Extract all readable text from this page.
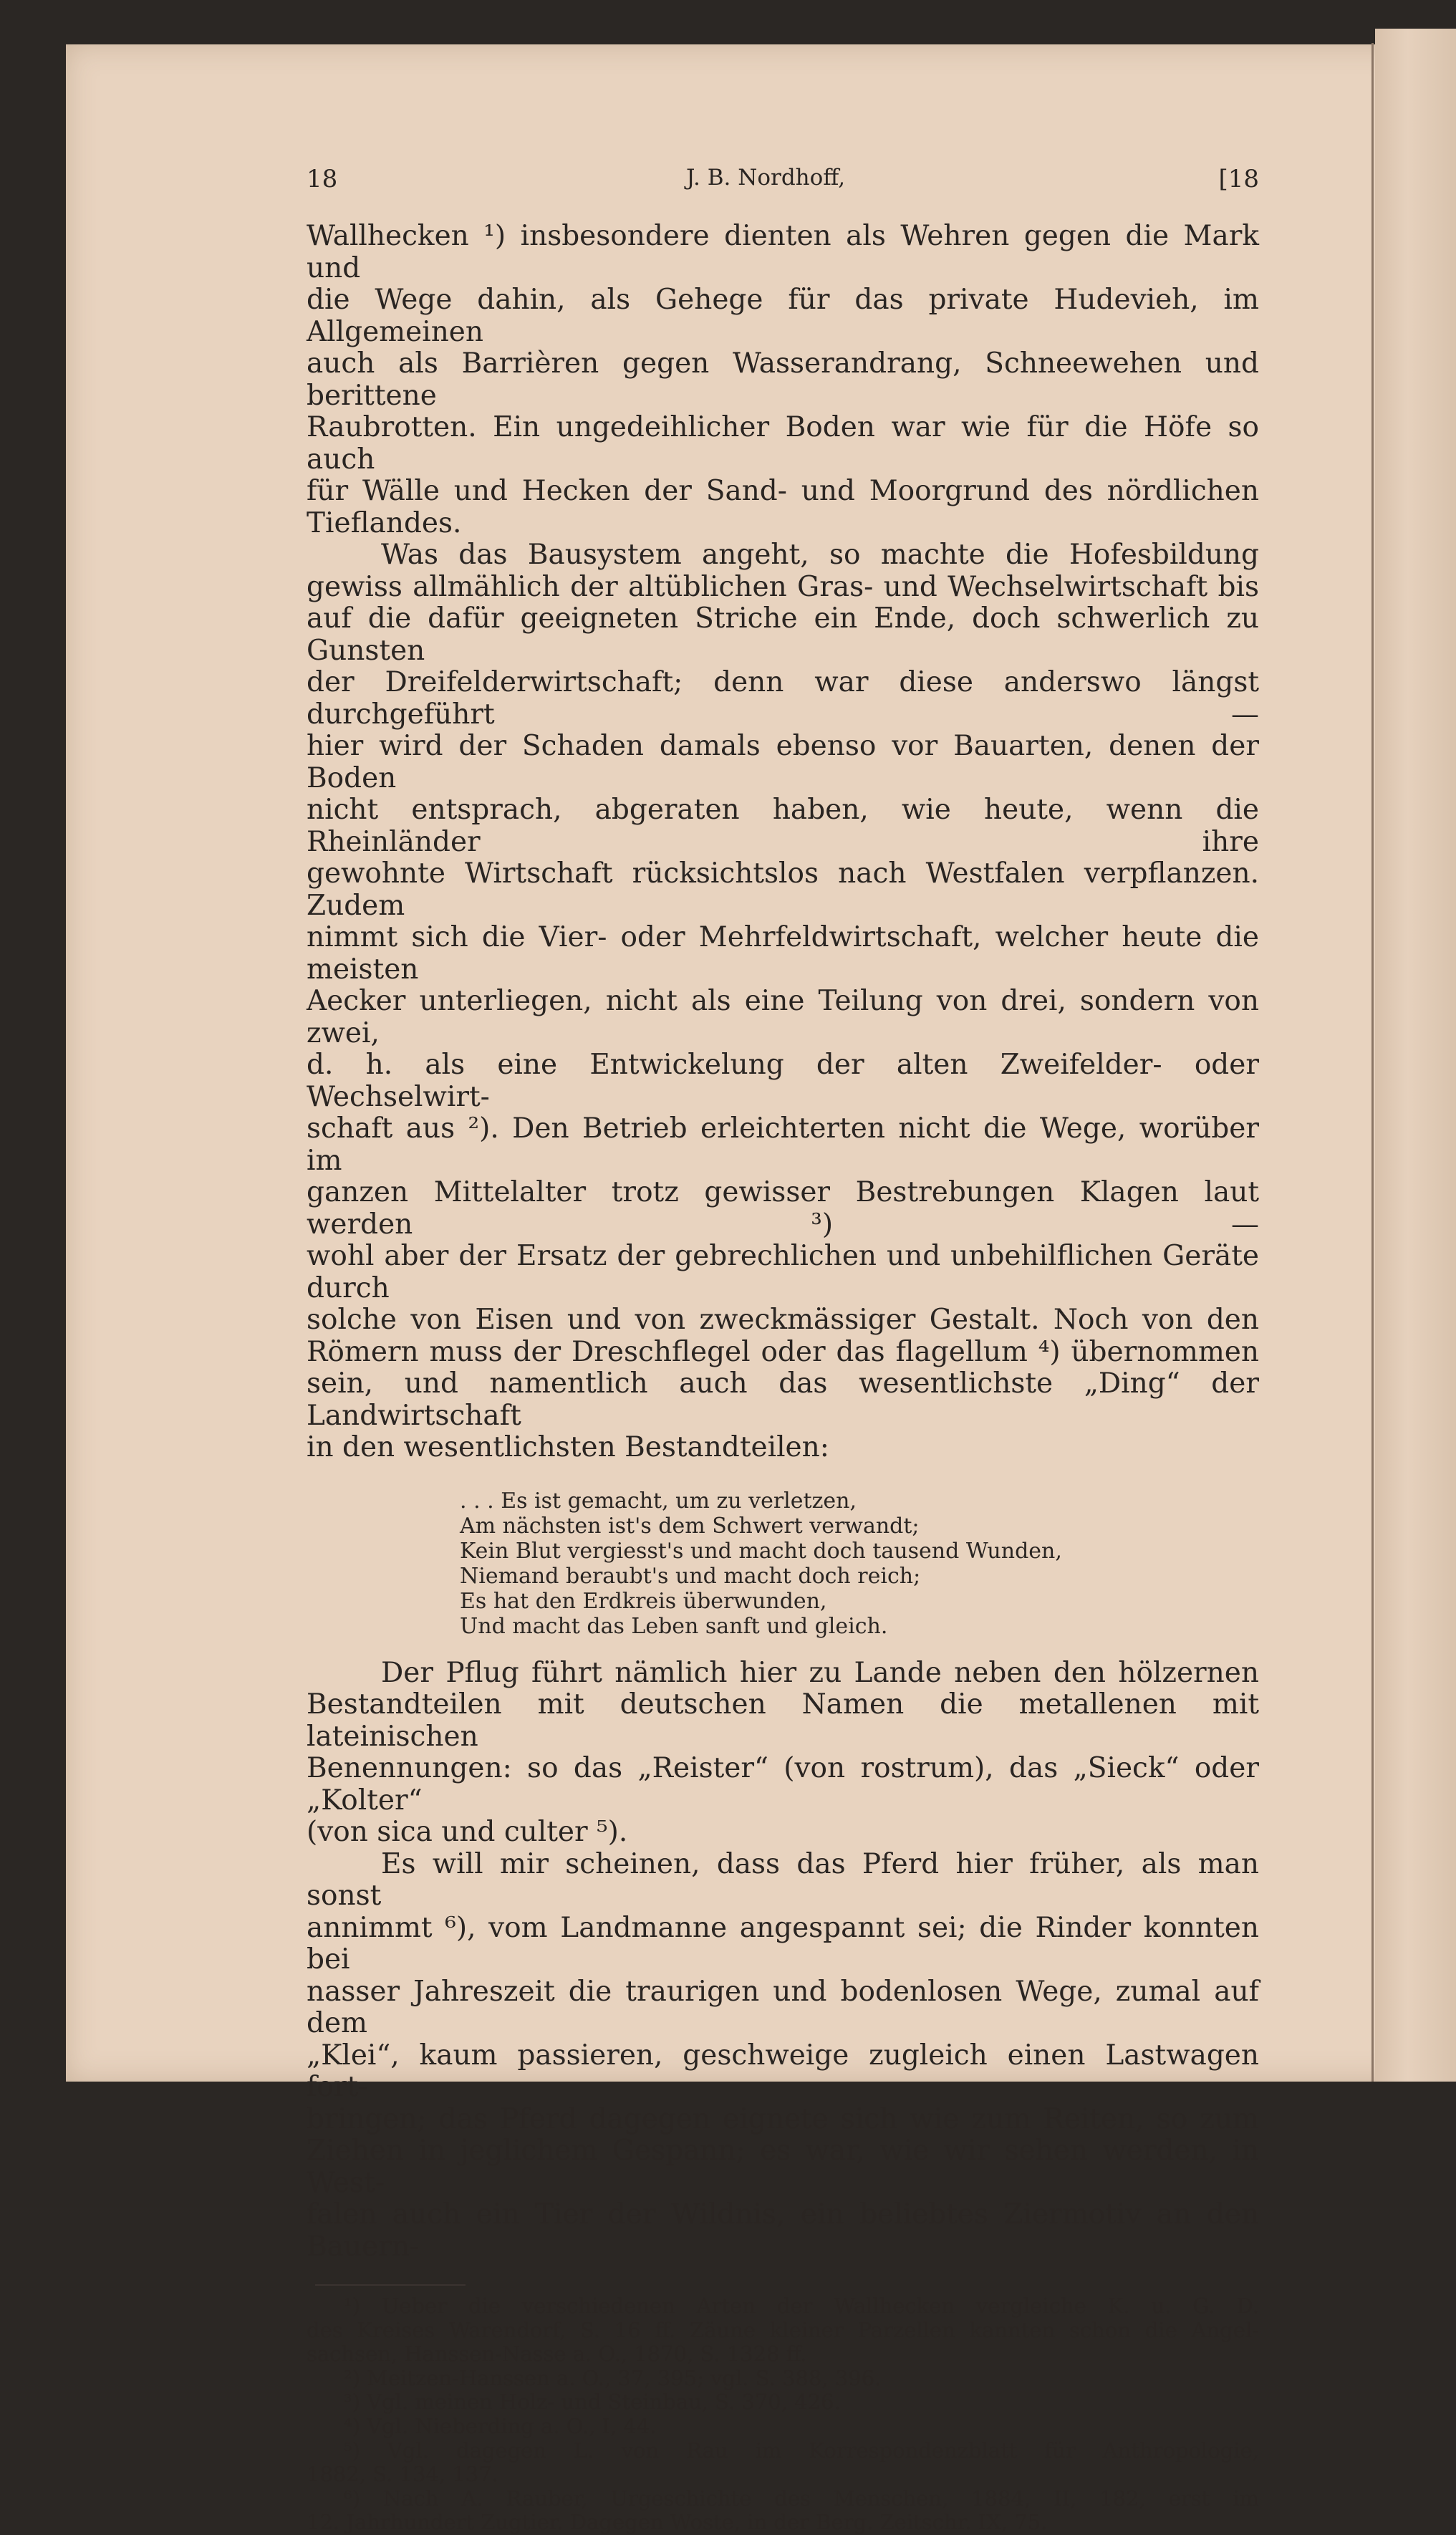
18	J. B. Nordhoff,	[18

Wallhecken ¹) insbesondere dienten als Wehren gegen die Mark und

die Wege dahin, als Gehege für das private Hudevieh, im Allgemeinen

auch als Barrièren gegen Wasserandrang, Schneewehen und berittene

Raubrotten. Ein ungedeihlicher Boden war wie für die Höfe so auch

für Wälle und Hecken der Sand- und Moorgrund des nördlichen

Tieflandes.

Was das Bausystem angeht, so machte die Hofesbildung

gewiss allmählich der altüblichen Gras- und Wechselwirtschaft bis

auf die dafür geeigneten Striche ein Ende, doch schwerlich zu Gunsten

der Dreifelderwirtschaft; denn war diese anderswo längst durchgeführt —

hier wird der Schaden damals ebenso vor Bauarten, denen der Boden

nicht entsprach, abgeraten haben, wie heute, wenn die Rheinländer ihre

gewohnte Wirtschaft rücksichtslos nach Westfalen verpflanzen. Zudem

nimmt sich die Vier- oder Mehrfeldwirtschaft, welcher heute die meisten

Aecker unterliegen, nicht als eine Teilung von drei, sondern von zwei,

d. h. als eine Entwickelung der alten Zweifelder- oder Wechselwirt-

schaft aus ²). Den Betrieb erleichterten nicht die Wege, worüber im

ganzen Mittelalter trotz gewisser Bestrebungen Klagen laut werden ³) —

wohl aber der Ersatz der gebrechlichen und unbehilflichen Geräte durch

solche von Eisen und von zweckmässiger Gestalt. Noch von den

Römern muss der Dreschflegel oder das flagellum ⁴) übernommen

sein, und namentlich auch das wesentlichste „Ding“ der Landwirtschaft

in den wesentlichsten Bestandteilen:

. . . Es ist gemacht, um zu verletzen,
Am nächsten ist's dem Schwert verwandt;
Kein Blut vergiesst's und macht doch tausend Wunden,
Niemand beraubt's und macht doch reich;
Es hat den Erdkreis überwunden,
Und macht das Leben sanft und gleich.

Der Pflug führt nämlich hier zu Lande neben den hölzernen

Bestandteilen mit deutschen Namen die metallenen mit lateinischen

Benennungen: so das „Reister“ (von rostrum), das „Sieck“ oder „Kolter“

(von sica und culter ⁵).

Es will mir scheinen, dass das Pferd hier früher, als man sonst

annimmt ⁶), vom Landmanne angespannt sei; die Rinder konnten bei

nasser Jahreszeit die traurigen und bodenlosen Wege, zumal auf dem

„Klei“, kaum passieren, geschweige zugleich einen Lastwagen fort-

bringen; das Pferd dagegen eignete sich wie zum Reiten, so zum

Ziehen in jeglichem Gespann; es war, wie wir sehen werden, in West-

falen auch ein Tier der Wildnis, ein beliebtes Ziermotiv an den Bauern-

¹) Ueber die verschiedenen Arten der Wallhecken vergleiche K. u. G. D.

des Kreises Warendorf, S. 16 ff. Zäune kleiner Parzellen kannten schon die Angel-

sachsen, Hanssen-Nasse a. O., 1870, S. 1328 ff.

²) Meitzen-Hanssen a. O., 37, 395; vgl. S. 388, 396.

³) Vgl. meinen Holz- und Steinbau, S. 370, 426.

⁴) Vgl. Nieberding a. O., I, 44.

⁵) Vgl. dagegen L. von Rau im Korrespondenzblatt für Anthropologie,

1882, S. 134, 137.

⁶) Nach A. Rauber, Urgeschichte des Menschen, 1884, II, 182, erst im

12. Jahrhundert Zugtier. Dagegen Woste, in der Berg. Zeitschr. IX, 75.
